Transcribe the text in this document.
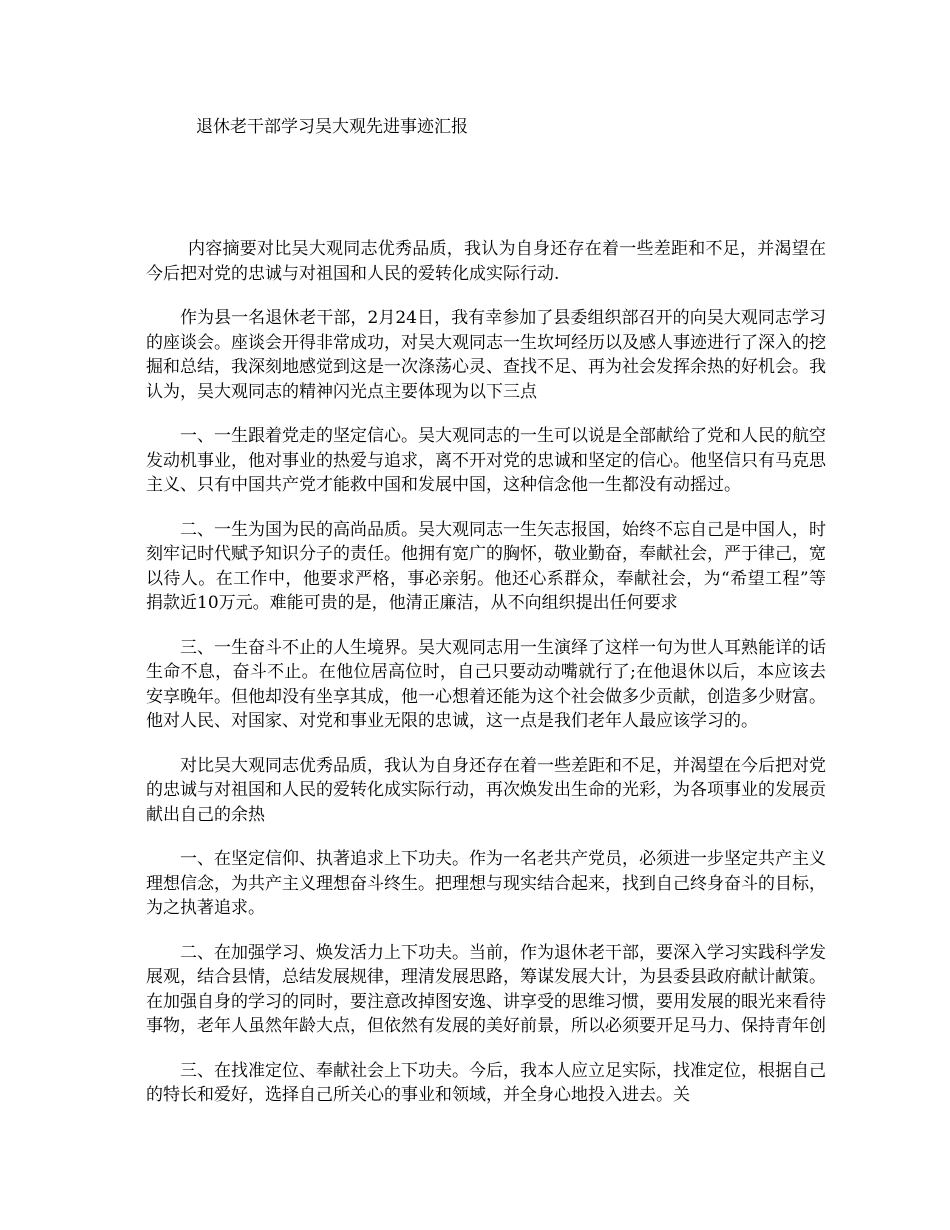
退休老干部学习吴大观先进事迹汇报

内容摘要对比吴大观同志优秀品质，我认为自身还存在着一些差距和不足，并渴望在今后把对党的忠诚与对祖国和人民的爱转化成实际行动.

作为县一名退休老干部，2月24日，我有幸参加了县委组织部召开的向吴大观同志学习的座谈会。座谈会开得非常成功，对吴大观同志一生坎坷经历以及感人事迹进行了深入的挖掘和总结，我深刻地感觉到这是一次涤荡心灵、查找不足、再为社会发挥余热的好机会。我认为，吴大观同志的精神闪光点主要体现为以下三点

一、一生跟着党走的坚定信心。吴大观同志的一生可以说是全部献给了党和人民的航空发动机事业，他对事业的热爱与追求，离不开对党的忠诚和坚定的信心。他坚信只有马克思主义、只有中国共产党才能救中国和发展中国，这种信念他一生都没有动摇过。

二、一生为国为民的高尚品质。吴大观同志一生矢志报国，始终不忘自己是中国人，时刻牢记时代赋予知识分子的责任。他拥有宽广的胸怀，敬业勤奋，奉献社会，严于律己，宽以待人。在工作中，他要求严格，事必亲躬。他还心系群众，奉献社会，为“希望工程”等捐款近10万元。难能可贵的是，他清正廉洁，从不向组织提出任何要求

三、一生奋斗不止的人生境界。吴大观同志用一生演绎了这样一句为世人耳熟能详的话生命不息，奋斗不止。在他位居高位时，自己只要动动嘴就行了;在他退休以后，本应该去安享晚年。但他却没有坐享其成，他一心想着还能为这个社会做多少贡献，创造多少财富。他对人民、对国家、对党和事业无限的忠诚，这一点是我们老年人最应该学习的。

对比吴大观同志优秀品质，我认为自身还存在着一些差距和不足，并渴望在今后把对党的忠诚与对祖国和人民的爱转化成实际行动，再次焕发出生命的光彩，为各项事业的发展贡献出自己的余热

一、在坚定信仰、执著追求上下功夫。作为一名老共产党员，必须进一步坚定共产主义理想信念，为共产主义理想奋斗终生。把理想与现实结合起来，找到自己终身奋斗的目标，为之执著追求。

二、在加强学习、焕发活力上下功夫。当前，作为退休老干部，要深入学习实践科学发展观，结合县情，总结发展规律，理清发展思路，筹谋发展大计，为县委县政府献计献策。在加强自身的学习的同时，要注意改掉图安逸、讲享受的思维习惯，要用发展的眼光来看待事物，老年人虽然年龄大点，但依然有发展的美好前景，所以必须要开足马力、保持青年创

三、在找准定位、奉献社会上下功夫。今后，我本人应立足实际，找准定位，根据自己的特长和爱好，选择自己所关心的事业和领域，并全身心地投入进去。关
